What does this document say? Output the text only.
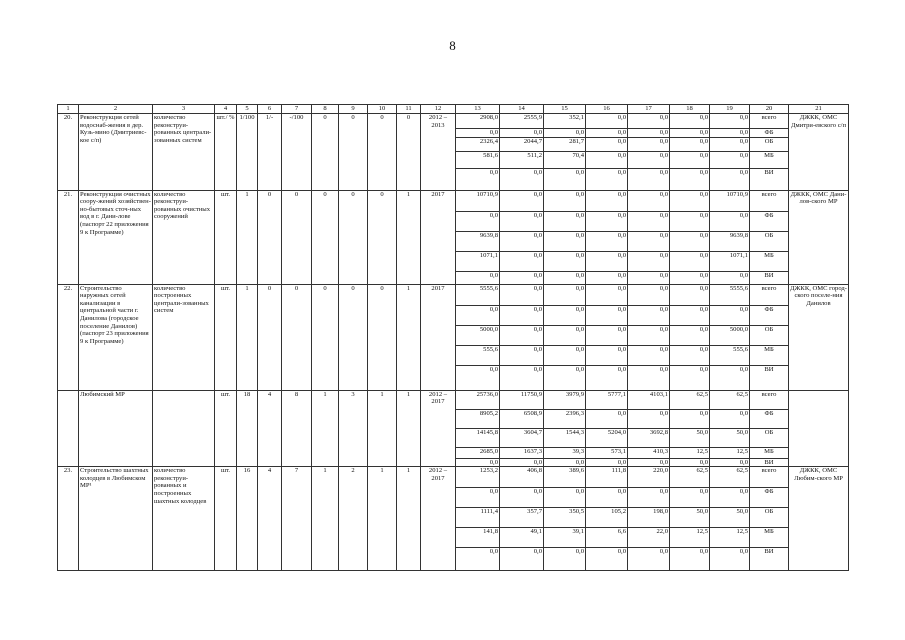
8
1	2	3	4	5	6	7	8	9	10	11	12	13	14	15	16	17	18	19	20	21
20.	Реконструкция сетей водоснаб-жения в дер. Кузь-мино (Дмитриевс-кое с/п)	количество реконструи-рованных централи-зованных систем	шт./ %	1/100	1/-	-/100	0	0	0	0	2012 – 2013	2908,0	2555,9	352,1	0,0	0,0	0,0	0,0	всего	ДЖКК, ОМС Дмитри-евского с/п
												0,0	0,0	0,0	0,0	0,0	0,0	0,0	ФБ	
												2326,4	2044,7	281,7	0,0	0,0	0,0	0,0	ОБ	
												581,6	511,2	70,4	0,0	0,0	0,0	0,0	МБ	
												0,0	0,0	0,0	0,0	0,0	0,0	0,0	ВИ	
21.	Реконструкция очистных соору-жений хозяйствен-но-бытовых сточ-ных вод в г. Дани-лове (паспорт 22 приложения 9 к Программе)	количество реконструи-рованных очистных сооружений	шт.	1	0	0	0	0	0	1	2017	10710,9	0,0	0,0	0,0	0,0	0,0	10710,9	всего	ДЖКК, ОМС Дани-лов-ского МР
												0,0	0,0	0,0	0,0	0,0	0,0	0,0	ФБ	
												9639,8	0,0	0,0	0,0	0,0	0,0	9639,8	ОБ	
												1071,1	0,0	0,0	0,0	0,0	0,0	1071,1	МБ	
												0,0	0,0	0,0	0,0	0,0	0,0	0,0	ВИ	
22.	Строительство наружных сетей канализации в центральной части г. Данилова (городское поселение Данилов) (паспорт 23 приложения 9 к Программе)	количество построенных централи-зованных систем	шт.	1	0	0	0	0	0	1	2017	5555,6	0,0	0,0	0,0	0,0	0,0	5555,6	всего	ДЖКК, ОМС город-ского поселе-ния Данилов
												0,0	0,0	0,0	0,0	0,0	0,0	0,0	ФБ	
												5000,0	0,0	0,0	0,0	0,0	0,0	5000,0	ОБ	
												555,6	0,0	0,0	0,0	0,0	0,0	555,6	МБ	
												0,0	0,0	0,0	0,0	0,0	0,0	0,0	ВИ	
	Любимский МР		шт.	18	4	8	1	3	1	1	2012 – 2017	25736,0	11750,9	3979,9	5777,1	4103,1	62,5	62,5	всего	
												8905,2	6508,9	2396,3	0,0	0,0	0,0	0,0	ФБ	
												14145,8	3604,7	1544,3	5204,0	3692,8	50,0	50,0	ОБ	
												2685,0	1637,3	39,3	573,1	410,3	12,5	12,5	МБ	
												0,0	0,0	0,0	0,0	0,0	0,0	0,0	ВИ	
23.	Строительство шахтных колодцев в Любимском МР¹	количество реконструи-рованных и построенных шахтных колодцев	шт.	16	4	7	1	2	1	1	2012 – 2017	1253,2	406,8	389,6	111,8	220,0	62,5	62,5	всего	ДЖКК, ОМС Любим-ского МР
												0,0	0,0	0,0	0,0	0,0	0,0	0,0	ФБ	
												1111,4	357,7	350,5	105,2	198,0	50,0	50,0	ОБ	
												141,8	49,1	39,1	6,6	22,0	12,5	12,5	МБ	
												0,0	0,0	0,0	0,0	0,0	0,0	0,0	ВИ	
